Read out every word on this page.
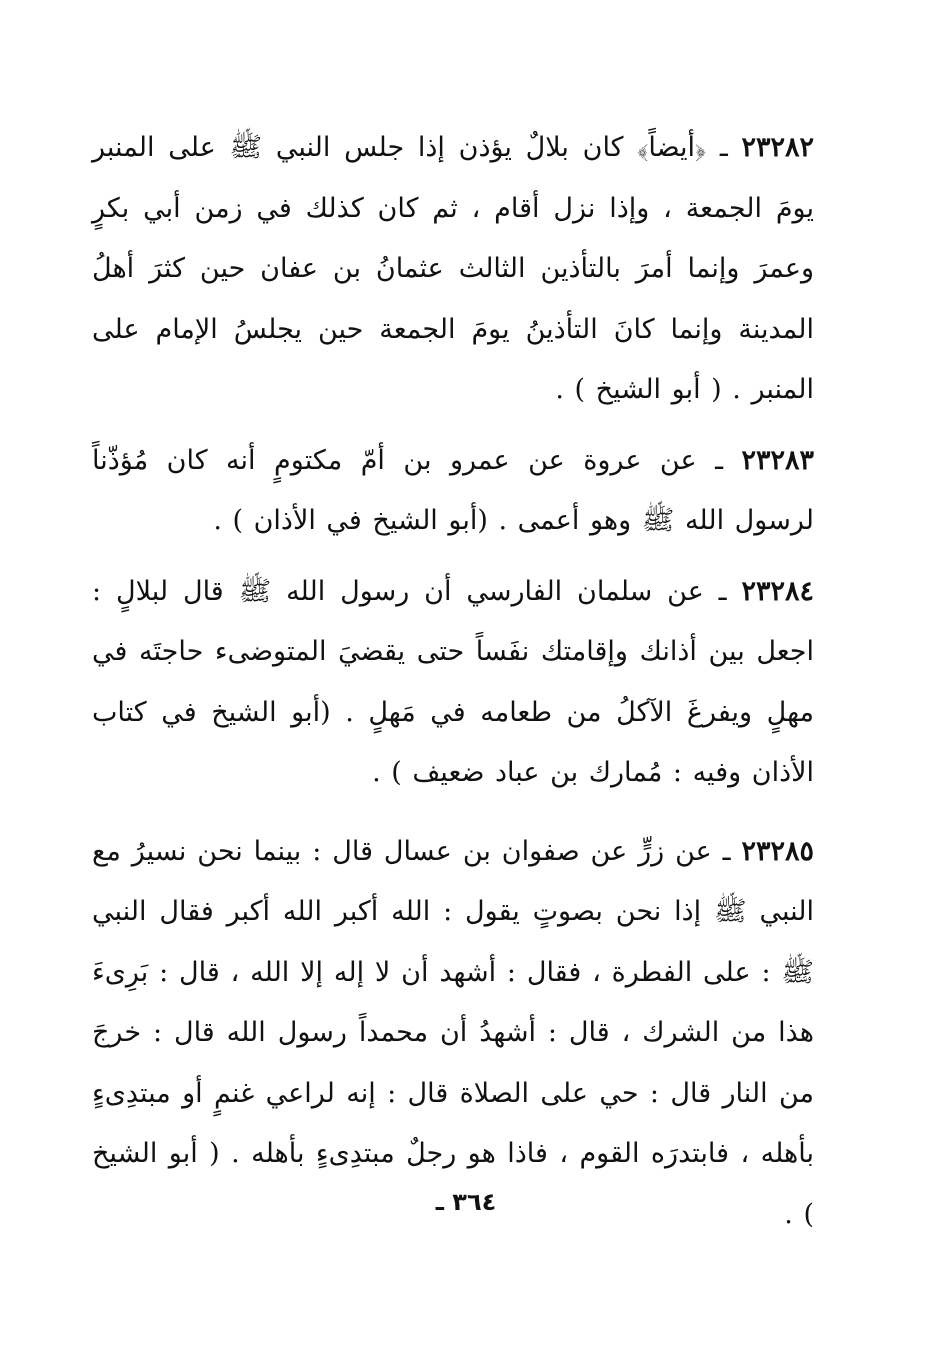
٢٣٢٨٢ ـ ﴿أيضاً﴾ كان بلالٌ يؤذن إذا جلس النبي ﷺ على المنبر يومَ الجمعة ، وإذا نزل أقام ، ثم كان كذلك في زمن أبي بكرٍ وعمرَ وإنما أمرَ بالتأذين الثالث عثمانُ بن عفان حين كثرَ أهلُ المدينة وإنما كانَ التأذينُ يومَ الجمعة حين يجلسُ الإمام على المنبر . ( أبو الشيخ ) .

٢٣٢٨٣ ـ عن عروة عن عمرو بن أمّ مكتومٍ أنه كان مُؤذّناً لرسول الله ﷺ وهو أعمى . (أبو الشيخ في الأذان ) .

٢٣٢٨٤ ـ عن سلمان الفارسي أن رسول الله ﷺ قال لبلالٍ : اجعل بين أذانك وإقامتك نفَساً حتى يقضيَ المتوضىء حاجتَه في مهلٍ ويفرغَ الآكلُ من طعامه في مَهلٍ . (أبو الشيخ في كتاب الأذان وفيه : مُمارك بن عباد ضعيف ) .

٢٣٢٨٥ ـ عن زرٍّ عن صفوان بن عسال قال : بينما نحن نسيرُ مع النبي ﷺ إذا نحن بصوتٍ يقول : الله أكبر الله أكبر فقال النبي ﷺ : على الفطرة ، فقال : أشهد أن لا إله إلا الله ، قال : بَرِىءَ هذا من الشرك ، قال : أشهدُ أن محمداً رسول الله قال : خرجَ من النار قال : حي على الصلاة قال : إنه لراعي غنمٍ أو مبتدِىءٍ بأهله ، فابتدرَه القوم ، فاذا هو رجلٌ مبتدِىءٍ بأهله . ( أبو الشيخ ) .

٣٦٤ ـ
